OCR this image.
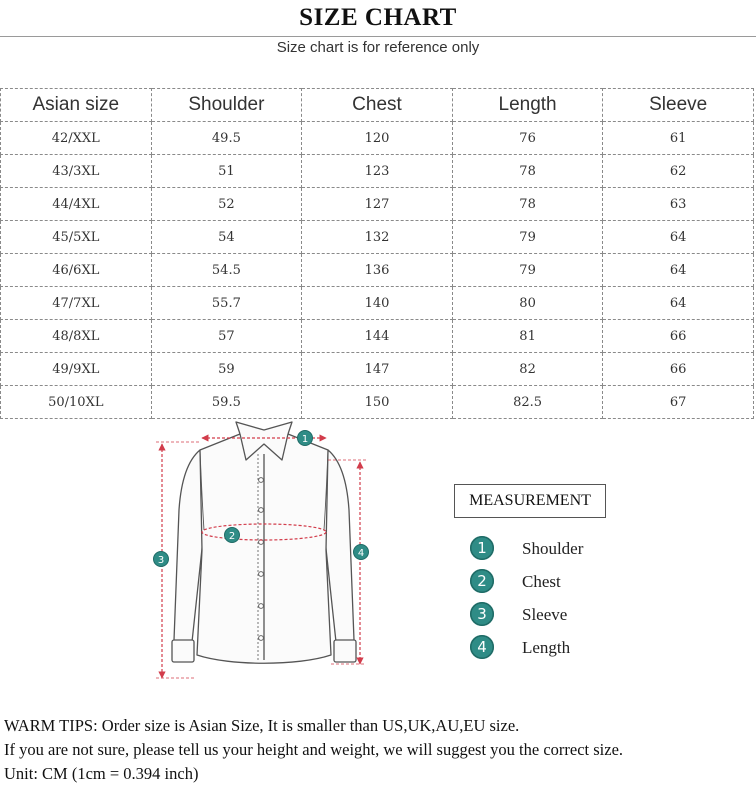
SIZE CHART
Size chart is for reference only
Asian size	Shoulder	Chest	Length	Sleeve
42/XXL	49.5	120	76	61
43/3XL	51	123	78	62
44/4XL	52	127	78	63
45/5XL	54	132	79	64
46/6XL	54.5	136	79	64
47/7XL	55.7	140	80	64
48/8XL	57	144	81	66
49/9XL	59	147	82	66
50/10XL	59.5	150	82.5	67
1
2
3
4
MEASUREMENT
1	Shoulder
2	Chest
3	Sleeve
4	Length
WARM TIPS: Order size is Asian Size, It is smaller than US,UK,AU,EU size.
If you are not sure, please tell us your height and weight, we will suggest you the correct size.
Unit: CM (1cm = 0.394 inch)
